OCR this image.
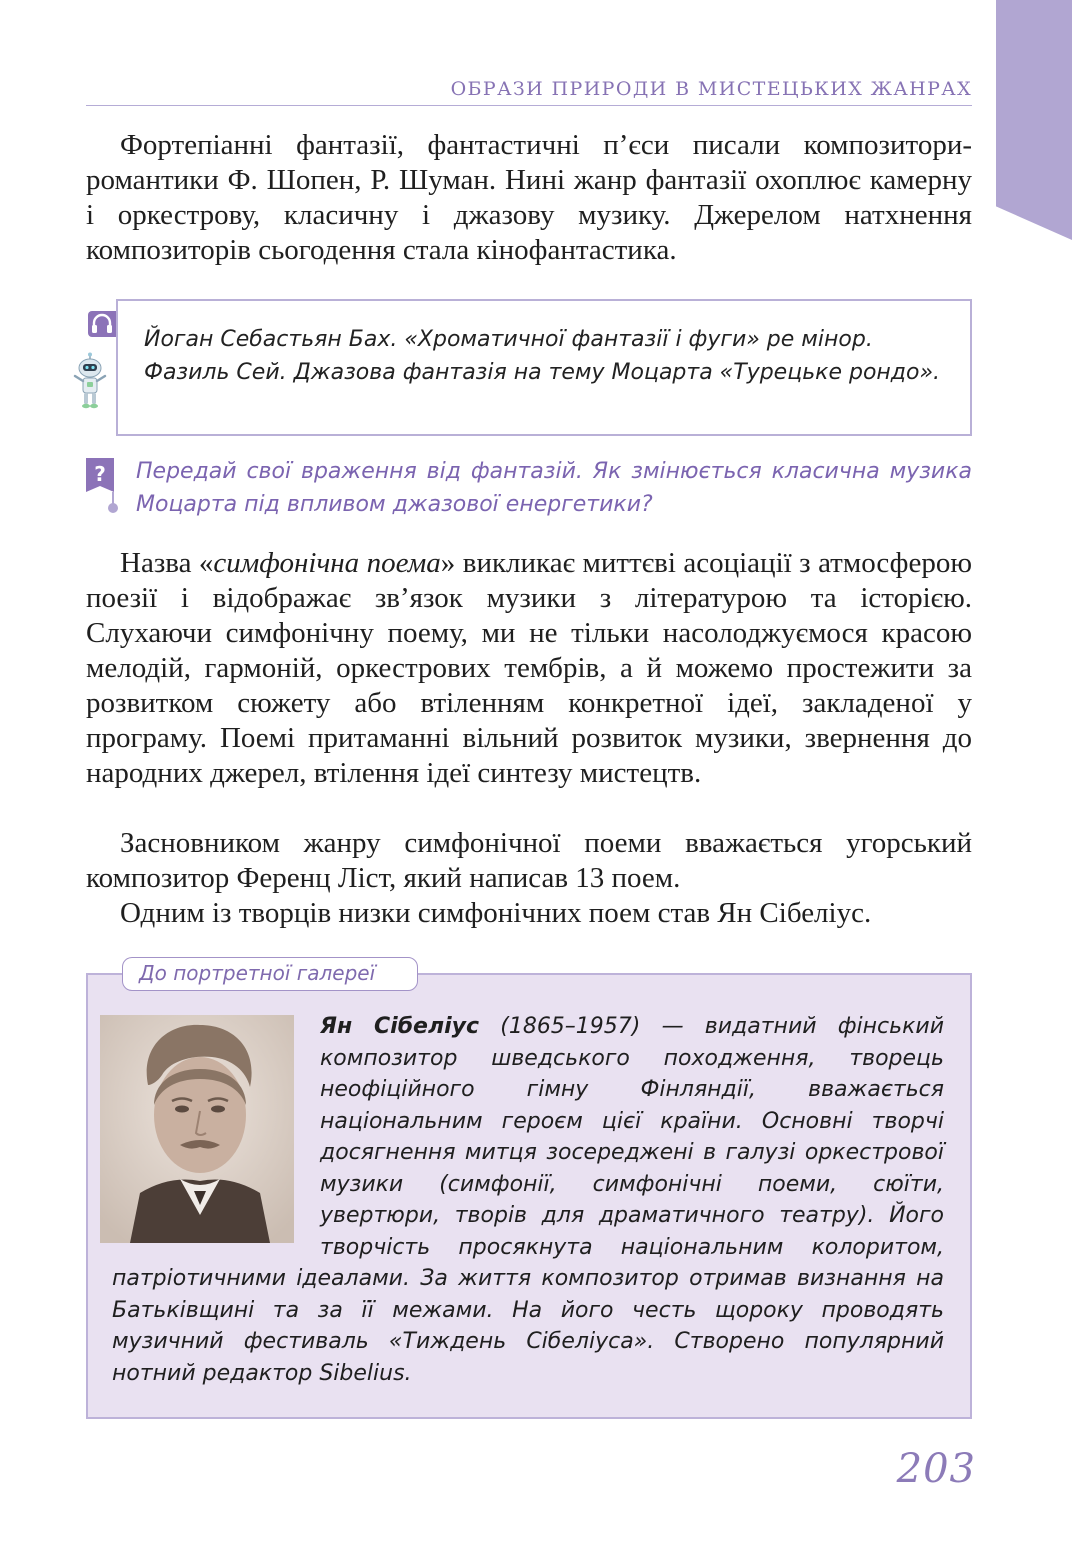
ОБРАЗИ ПРИРОДИ В МИСТЕЦЬКИХ ЖАНРАХ
Фортепіанні фантазії, фантастичні п’єси писали композитори-романтики Ф. Шопен, Р. Шуман. Нині жанр фантазії охоплює камерну і оркестрову, класичну і джазову музику. Джерелом натхнення композиторів сьогодення стала кінофантастика.
Йоган Себастьян Бах. «Хроматичної фантазії і фуги» ре мінор.
Фазиль Сей. Джазова фантазія на тему Моцарта «Турецьке рондо».
? Передай свої враження від фантазій. Як змінюється класична музика Моцарта під впливом джазової енергетики?
Назва «симфонічна поема» викликає миттєві асоціації з атмосферою поезії і відображає зв’язок музики з літературою та історією. Слухаючи симфонічну поему, ми не тільки насолоджуємося красою мелодій, гармоній, оркестрових тембрів, а й можемо простежити за розвитком сюжету або втіленням конкретної ідеї, закладеної у програму. Поемі притаманні вільний розвиток музики, звернення до народних джерел, втілення ідеї синтезу мистецтв.
Засновником жанру симфонічної поеми вважається угорський композитор Ференц Ліст, який написав 13 поем.
Одним із творців низки симфонічних поем став Ян Сібеліус.
До портретної галереї
Ян Сібеліус (1865–1957) — видатний фінський композитор шведського походження, творець неофіційного гімну Фінляндії, вважається національним героєм цієї країни. Основні творчі досягнення митця зосереджені в галузі оркестрової музики (симфонії, симфонічні поеми, сюїти, увертюри, творів для драматичного театру). Його творчість просякнута національним колоритом, патріотичними ідеалами. За життя композитор отримав визнання на Батьківщині та за її межами. На його честь щороку проводять музичний фестиваль «Тиждень Сібеліуса». Створено популярний нотний редактор Sibelius.
203
